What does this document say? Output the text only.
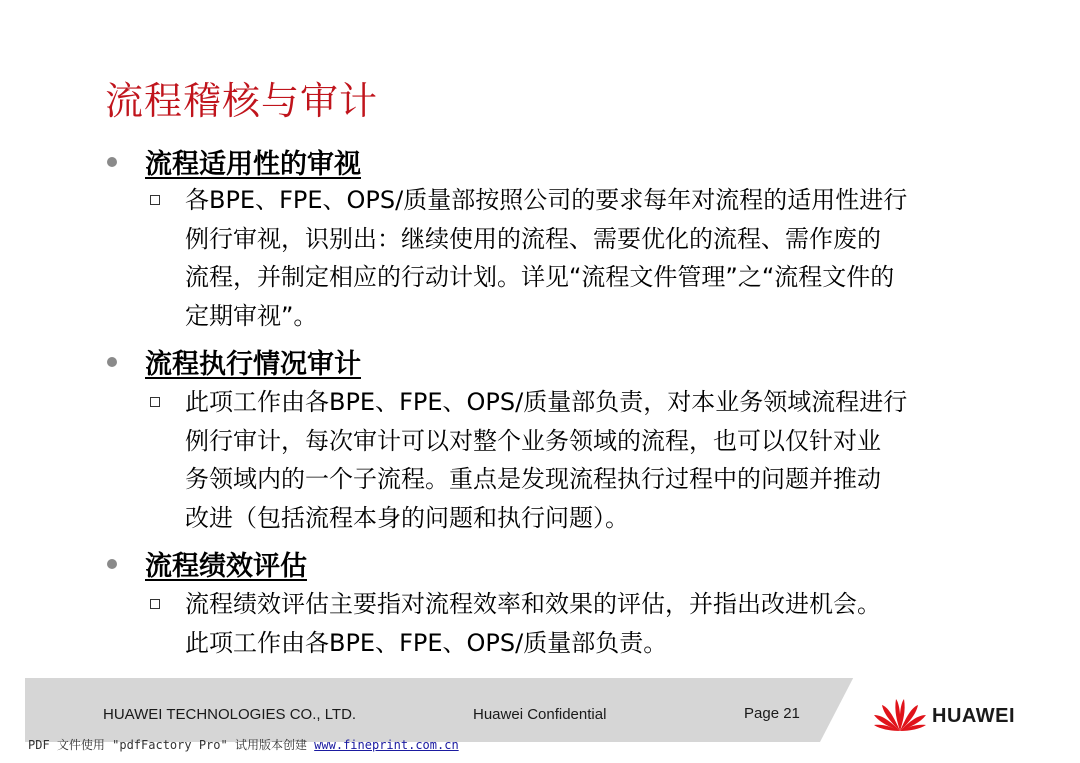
流程稽核与审计
流程适用性的审视
各BPE、FPE、OPS/质量部按照公司的要求每年对流程的适用性进行
例行审视，识别出：继续使用的流程、需要优化的流程、需作废的
流程，并制定相应的行动计划。详见“流程文件管理”之“流程文件的
定期审视”。
流程执行情况审计
此项工作由各BPE、FPE、OPS/质量部负责，对本业务领域流程进行
例行审计，每次审计可以对整个业务领域的流程，也可以仅针对业
务领域内的一个子流程。重点是发现流程执行过程中的问题并推动
改进（包括流程本身的问题和执行问题）。
流程绩效评估
流程绩效评估主要指对流程效率和效果的评估，并指出改进机会。
此项工作由各BPE、FPE、OPS/质量部负责。
HUAWEI TECHNOLOGIES CO., LTD.	Huawei Confidential	Page 21	HUAWEI
PDF 文件使用 "pdfFactory Pro" 试用版本创建 www.fineprint.com.cn
